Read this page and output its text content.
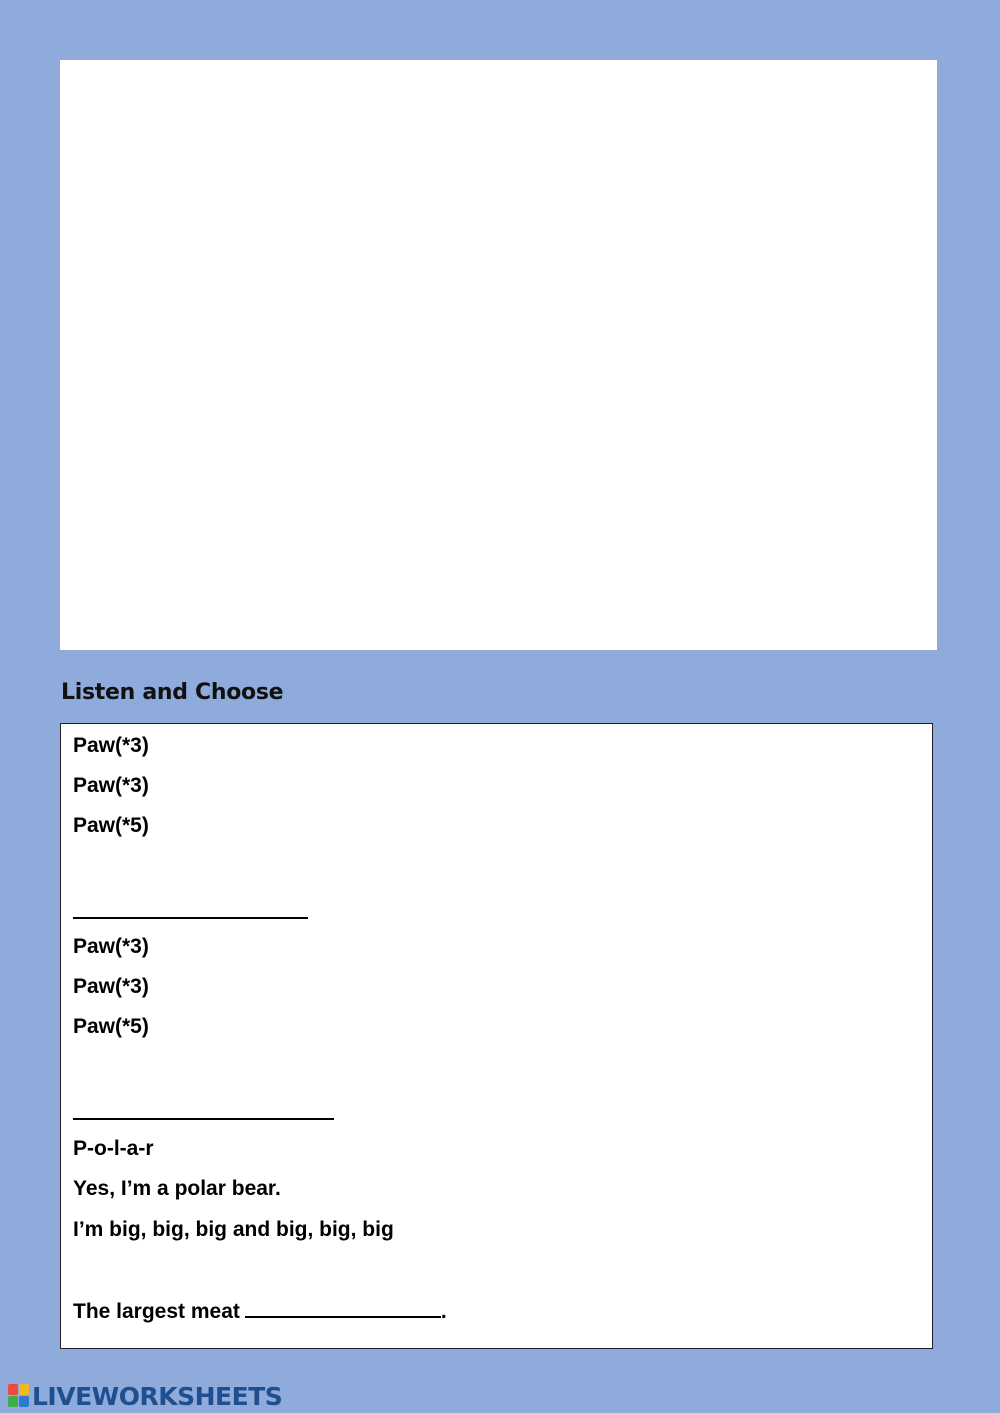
Listen and Choose
Paw(*3)
Paw(*3)
Paw(*5)
Paw(*3)
Paw(*3)
Paw(*5)
P-o-l-a-r
Yes, I’m a polar bear.
I’m big, big, big and big, big, big
The largest meat	.
LIVEWORKSHEETS
